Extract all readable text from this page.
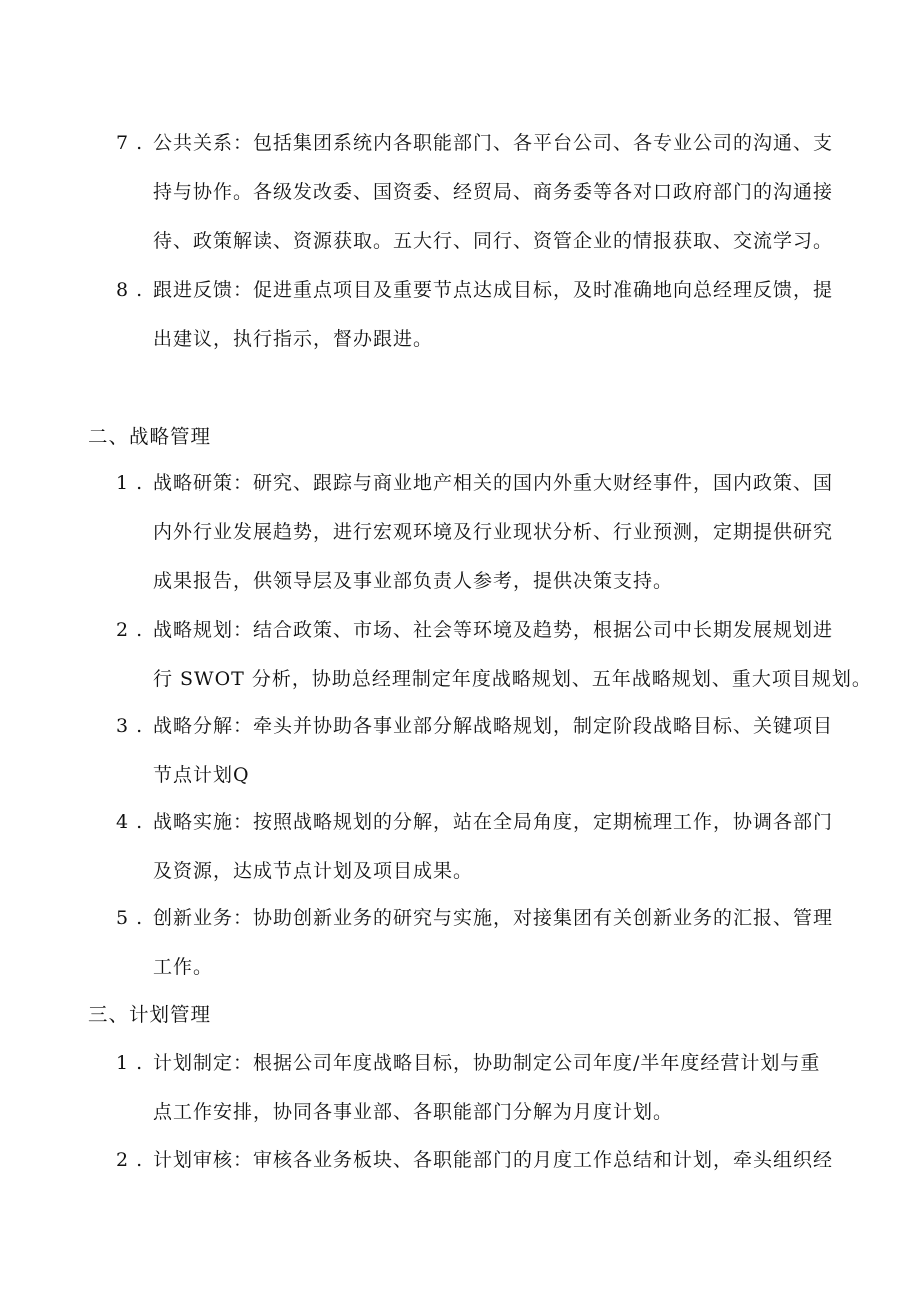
7 . 公共关系：包括集团系统内各职能部门、各平台公司、各专业公司的沟通、支
持与协作。各级发改委、国资委、经贸局、商务委等各对口政府部门的沟通接
待、政策解读、资源获取。五大行、同行、资管企业的情报获取、交流学习。
8 . 跟进反馈：促进重点项目及重要节点达成目标，及时准确地向总经理反馈，提
出建议，执行指示，督办跟进。
二、战略管理
1 . 战略研策：研究、跟踪与商业地产相关的国内外重大财经事件，国内政策、国
内外行业发展趋势，进行宏观环境及行业现状分析、行业预测，定期提供研究
成果报告，供领导层及事业部负责人参考，提供决策支持。
2 . 战略规划：结合政策、市场、社会等环境及趋势，根据公司中长期发展规划进
行 SWOT 分析，协助总经理制定年度战略规划、五年战略规划、重大项目规划。
3 . 战略分解：牵头并协助各事业部分解战略规划，制定阶段战略目标、关键项目
节点计划Q
4 . 战略实施：按照战略规划的分解，站在全局角度，定期梳理工作，协调各部门
及资源，达成节点计划及项目成果。
5 . 创新业务：协助创新业务的研究与实施，对接集团有关创新业务的汇报、管理
工作。
三、计划管理
1 . 计划制定：根据公司年度战略目标，协助制定公司年度/半年度经营计划与重
点工作安排，协同各事业部、各职能部门分解为月度计划。
2 . 计划审核：审核各业务板块、各职能部门的月度工作总结和计划，牵头组织经
